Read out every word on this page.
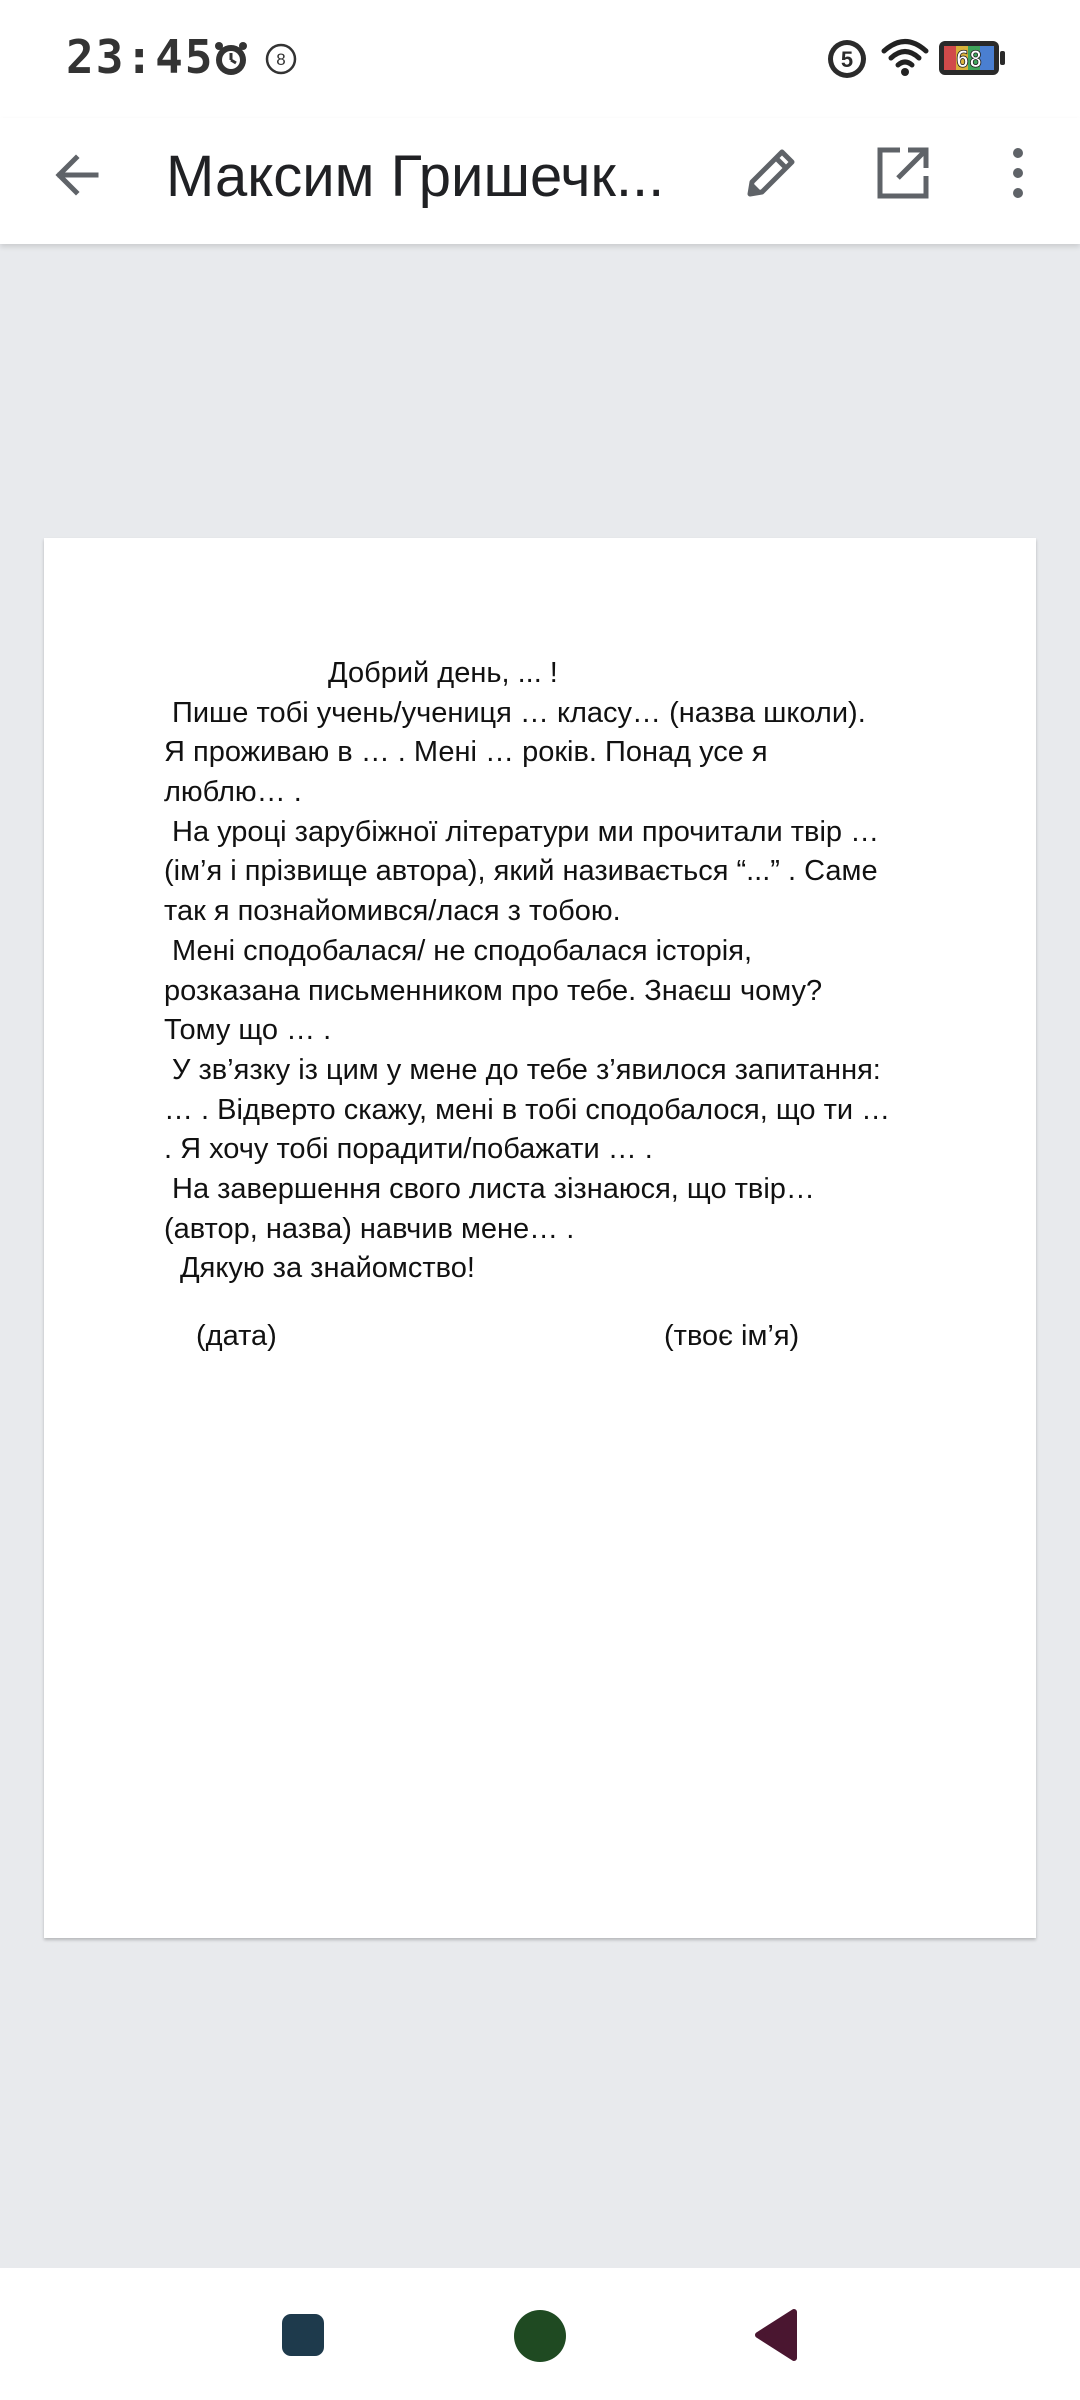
23:45	8	5	68
Максим Гришечк...
Добрий день, ... !
Пише тобі учень/учениця … класу… (назва школи).
Я проживаю в … . Мені … років. Понад усе я
люблю… .
На уроці зарубіжної літератури ми прочитали твір …
(ім’я і прізвище автора), який називається “...” . Саме
так я познайомився/лася з тобою.
Мені сподобалася/ не сподобалася історія,
розказана письменником про тебе. Знаєш чому?
Тому що … .
У зв’язку із цим у мене до тебе з’явилося запитання:
… . Відверто скажу, мені в тобі сподобалося, що ти …
. Я хочу тобі порадити/побажати … .
На завершення свого листа зізнаюся, що твір…
(автор, назва) навчив мене… .
Дякую за знайомство!
(дата)	(твоє ім’я)
